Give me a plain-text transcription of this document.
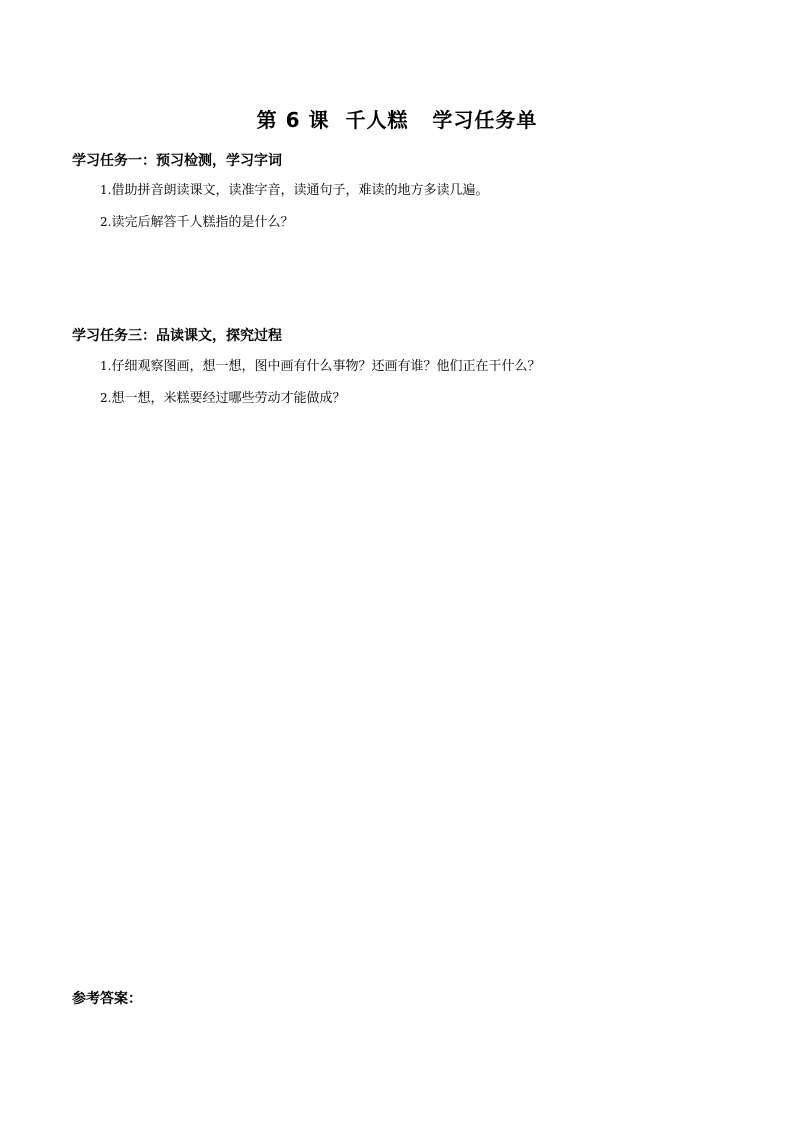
第 6 课  千人糕   学习任务单
学习任务一：预习检测，学习字词
1.借助拼音朗读课文，读准字音，读通句子，难读的地方多读几遍。
2.读完后解答千人糕指的是什么？
学习任务三：品读课文，探究过程
1.仔细观察图画，想一想，图中画有什么事物？还画有谁？他们正在干什么？
2.想一想，米糕要经过哪些劳动才能做成？
参考答案：
